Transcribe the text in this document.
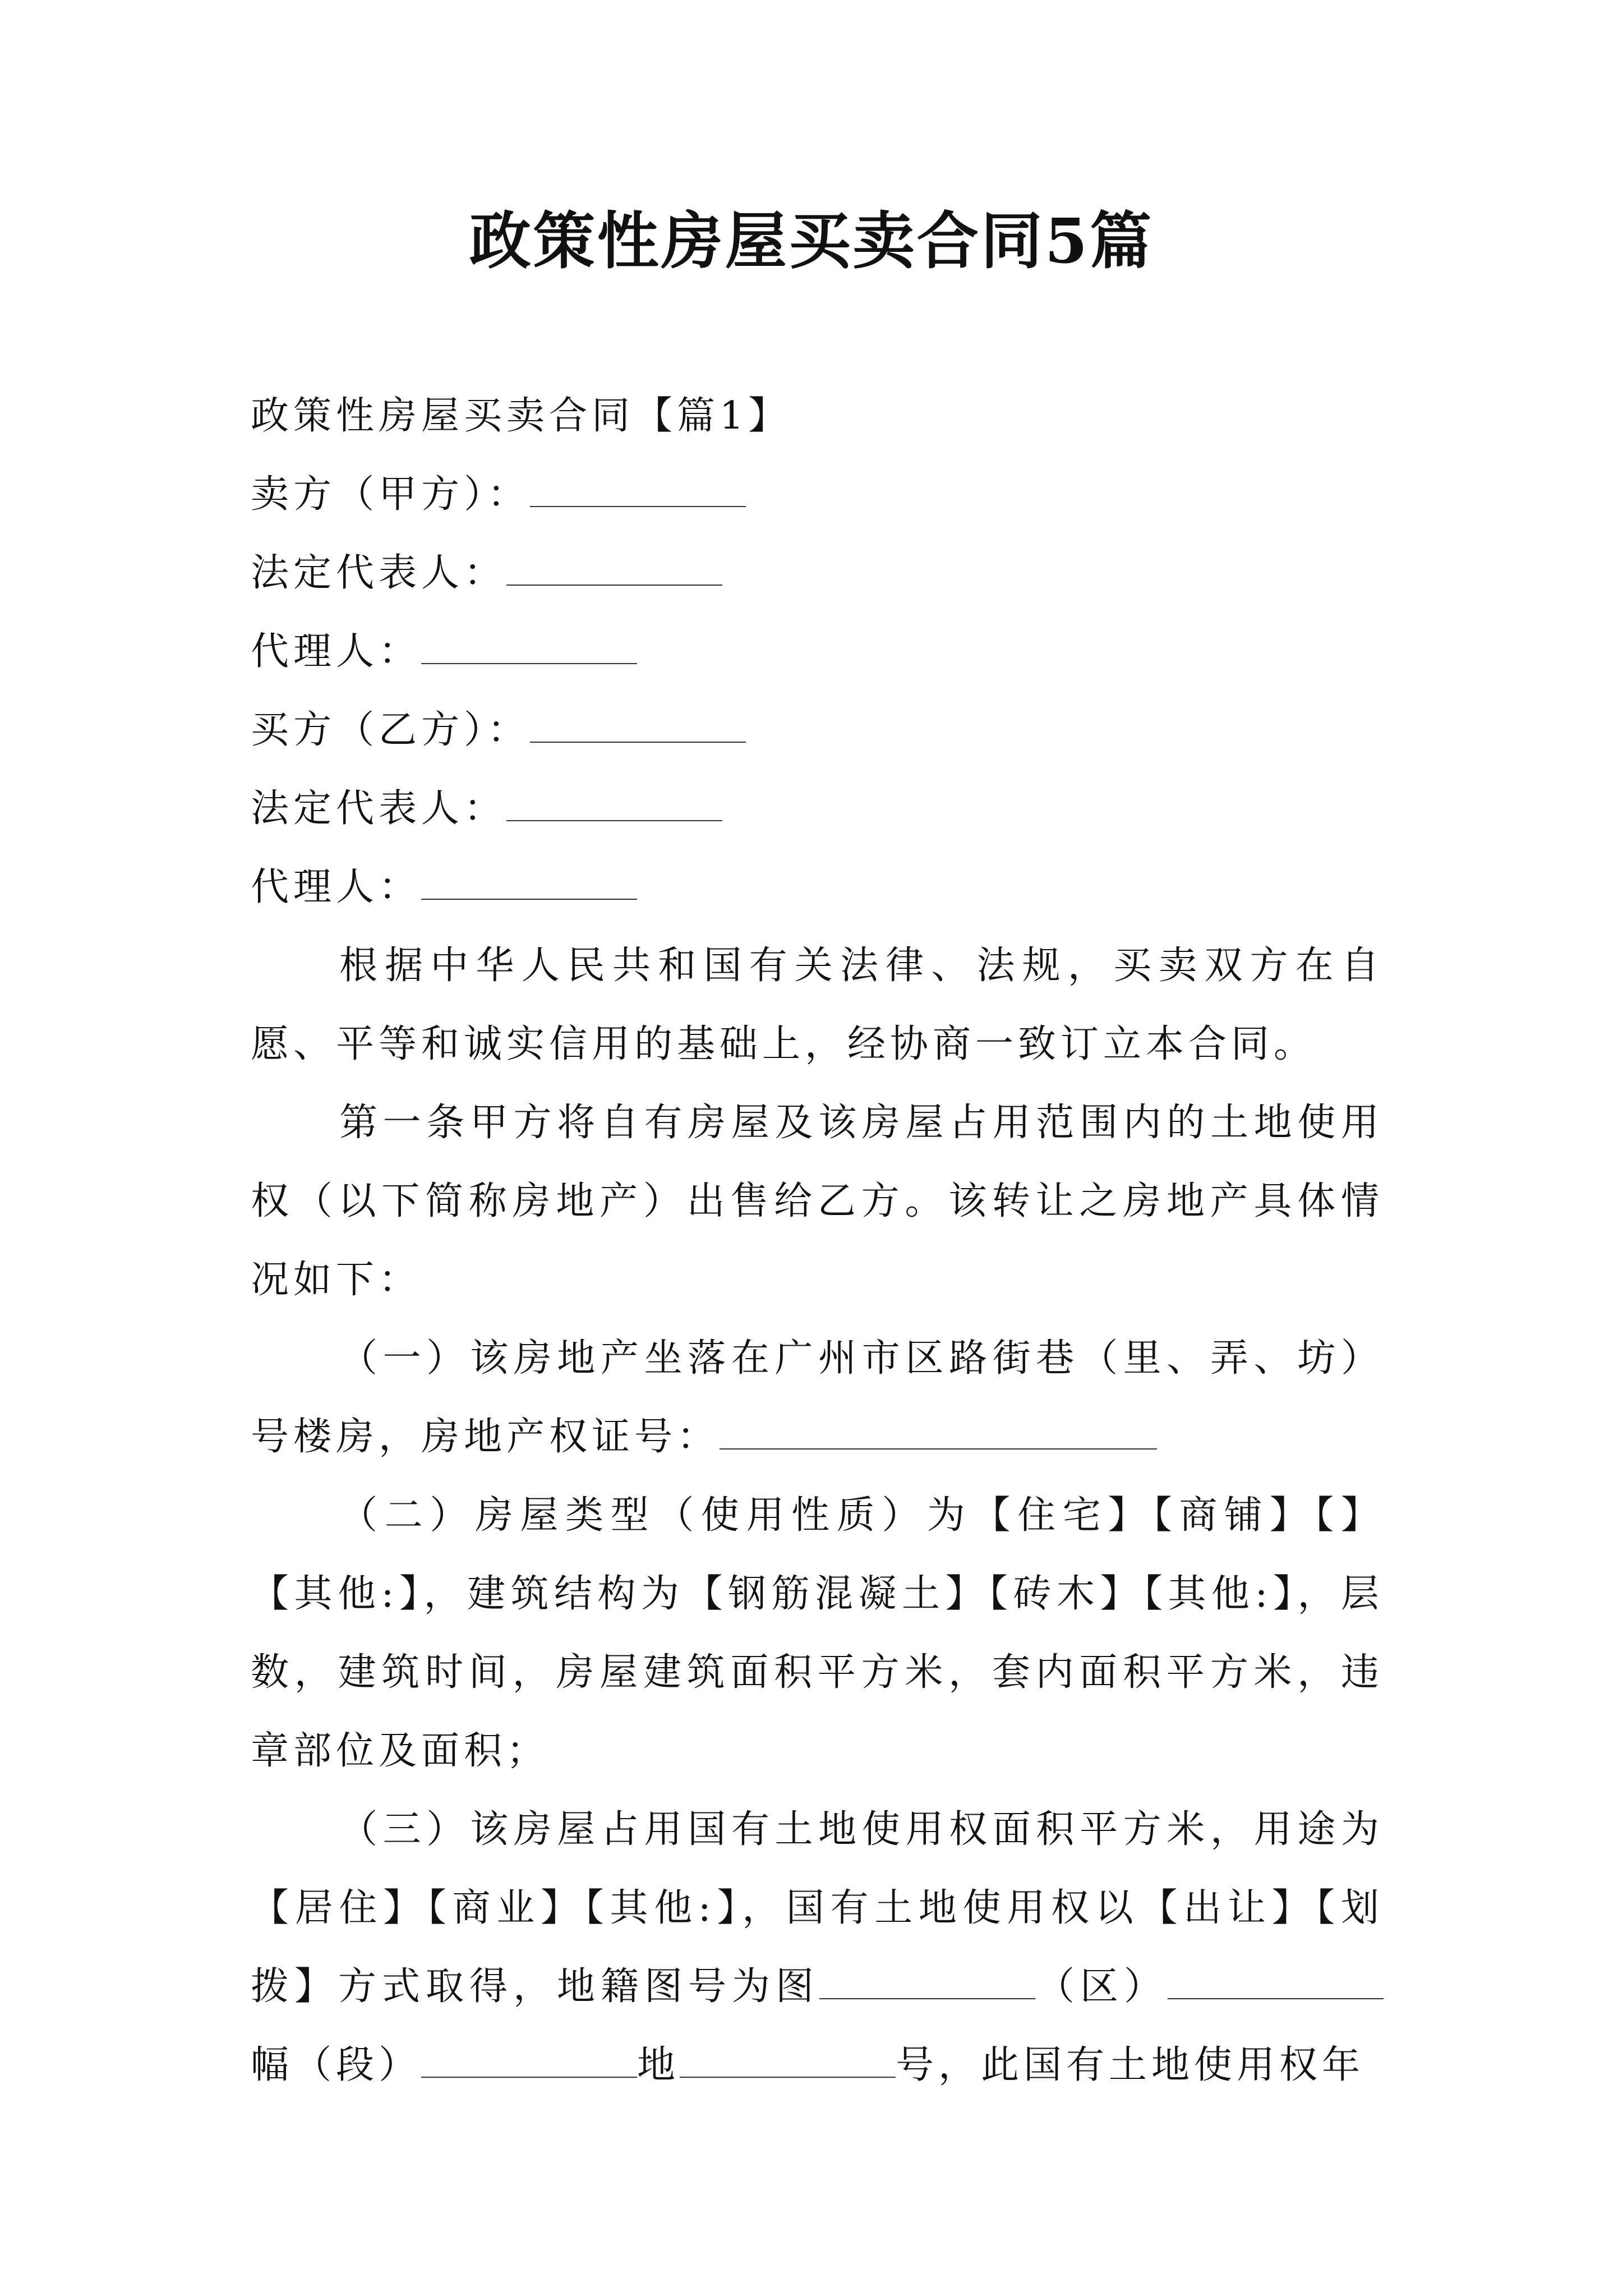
政策性房屋买卖合同5篇

政策性房屋买卖合同【篇1】

卖方（甲方）：

法定代表人：

代理人：

买方（乙方）：

法定代表人：

代理人：

根据中华人民共和国有关法律、法规，买卖双方在自愿、平等和诚实信用的基础上，经协商一致订立本合同。

第一条甲方将自有房屋及该房屋占用范围内的土地使用权（以下简称房地产）出售给乙方。该转让之房地产具体情况如下：

（一）该房地产坐落在广州市区路街巷（里、弄、坊）号楼房，房地产权证号：

（二）房屋类型（使用性质）为【住宅】【商铺】【】【其他:】，建筑结构为【钢筋混凝土】【砖木】【其他:】，层数，建筑时间，房屋建筑面积平方米，套内面积平方米，违章部位及面积；

（三）该房屋占用国有土地使用权面积平方米，用途为【居住】【商业】【其他:】，国有土地使用权以【出让】【划拨】方式取得，地籍图号为图	（区）幅（段）	地	号，此国有土地使用权年
